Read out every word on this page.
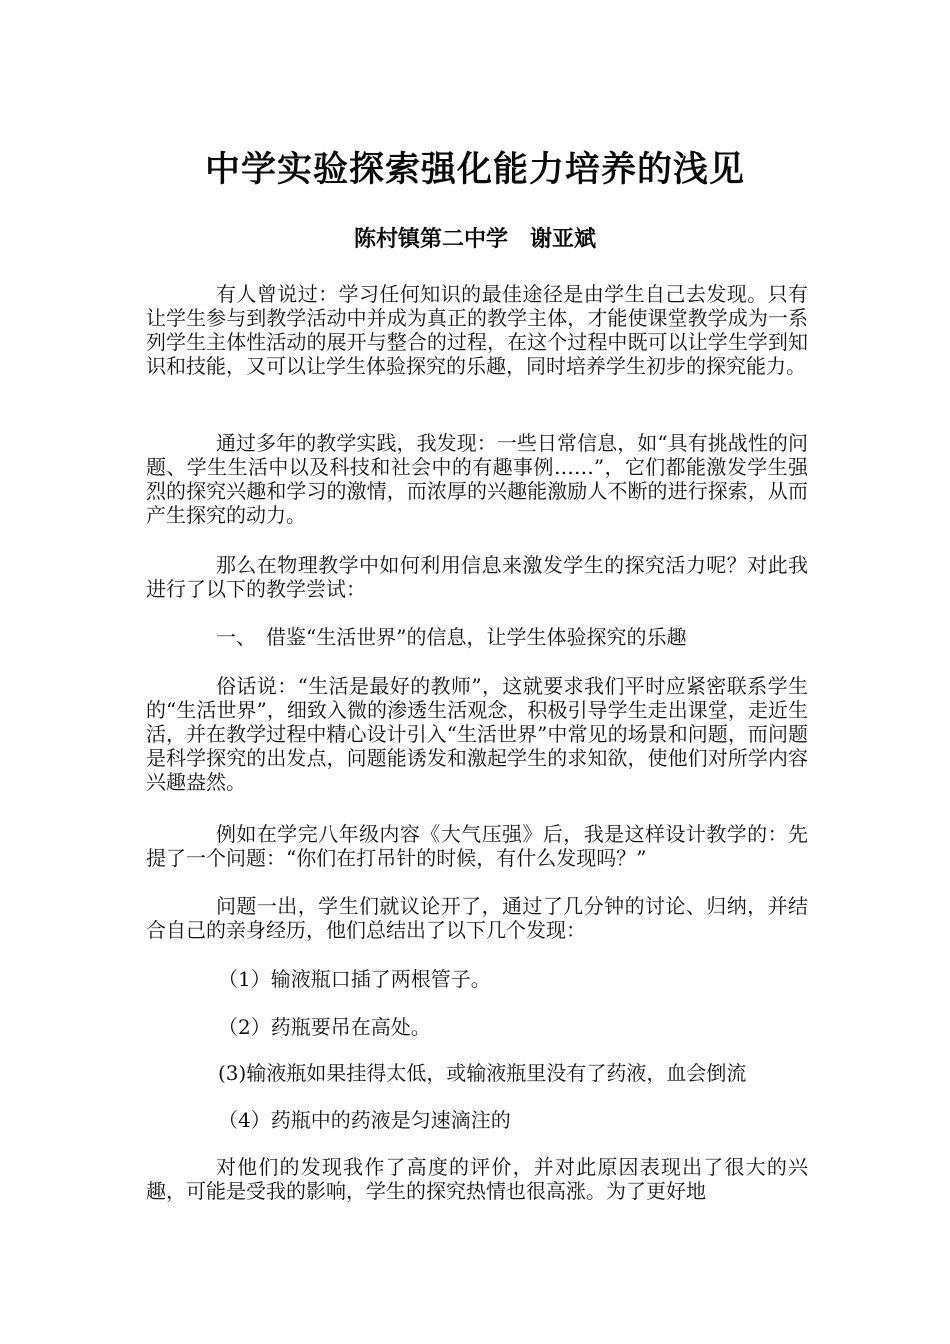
中学实验探索强化能力培养的浅见
陈村镇第二中学　谢亚斌

有人曾说过：学习任何知识的最佳途径是由学生自己去发现。只有让学生参与到教学活动中并成为真正的教学主体，才能使课堂教学成为一系列学生主体性活动的展开与整合的过程，在这个过程中既可以让学生学到知识和技能，又可以让学生体验探究的乐趣，同时培养学生初步的探究能力。

通过多年的教学实践，我发现：一些日常信息，如“具有挑战性的问题、学生生活中以及科技和社会中的有趣事例……”，它们都能激发学生强烈的探究兴趣和学习的激情，而浓厚的兴趣能激励人不断的进行探索，从而产生探究的动力。

那么在物理教学中如何利用信息来激发学生的探究活力呢？对此我进行了以下的教学尝试：

一、　借鉴“生活世界”的信息，让学生体验探究的乐趣

俗话说：“生活是最好的教师”，这就要求我们平时应紧密联系学生的“生活世界”，细致入微的渗透生活观念，积极引导学生走出课堂，走近生活，并在教学过程中精心设计引入“生活世界”中常见的场景和问题，而问题是科学探究的出发点，问题能诱发和激起学生的求知欲，使他们对所学内容兴趣盎然。

例如在学完八年级内容《大气压强》后，我是这样设计教学的：先提了一个问题：“你们在打吊针的时候，有什么发现吗？”

问题一出，学生们就议论开了，通过了几分钟的讨论、归纳，并结合自己的亲身经历，他们总结出了以下几个发现：

（1）输液瓶口插了两根管子。

（2）药瓶要吊在高处。

(3)输液瓶如果挂得太低，或输液瓶里没有了药液，血会倒流

（4）药瓶中的药液是匀速滴注的

对他们的发现我作了高度的评价，并对此原因表现出了很大的兴趣，可能是受我的影响，学生的探究热情也很高涨。为了更好地
